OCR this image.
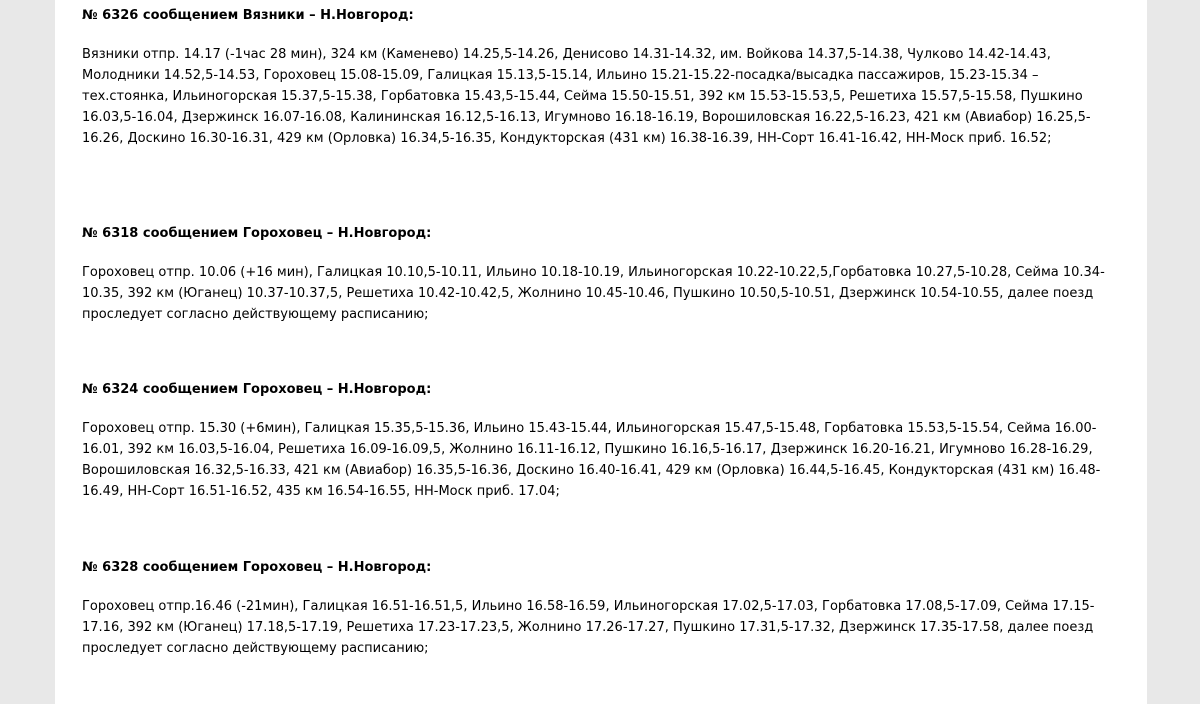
№ 6326 сообщением Вязники – Н.Новгород:

Вязники отпр. 14.17 (-1час 28 мин), 324 км (Каменево) 14.25,5-14.26, Денисово 14.31-14.32, им. Войкова 14.37,5-14.38, Чулково 14.42-14.43, Молодники 14.52,5-14.53, Гороховец 15.08-15.09, Галицкая 15.13,5-15.14, Ильино 15.21-15.22-посадка/высадка пассажиров, 15.23-15.34 – тех.стоянка, Ильиногорская 15.37,5-15.38, Горбатовка 15.43,5-15.44, Сейма 15.50-15.51, 392 км 15.53-15.53,5, Решетиха 15.57,5-15.58, Пушкино 16.03,5-16.04, Дзержинск 16.07-16.08, Калининская 16.12,5-16.13, Игумново 16.18-16.19, Ворошиловская 16.22,5-16.23, 421 км (Авиабор) 16.25,5-16.26, Доскино 16.30-16.31, 429 км (Орловка) 16.34,5-16.35, Кондукторская (431 км) 16.38-16.39, НН-Сорт 16.41-16.42, НН-Моск приб. 16.52;

№ 6318 сообщением Гороховец – Н.Новгород:

Гороховец отпр. 10.06 (+16 мин), Галицкая 10.10,5-10.11, Ильино 10.18-10.19, Ильиногорская 10.22-10.22,5,Горбатовка 10.27,5-10.28, Сейма 10.34-10.35, 392 км (Юганец) 10.37-10.37,5, Решетиха 10.42-10.42,5, Жолнино 10.45-10.46, Пушкино 10.50,5-10.51, Дзержинск 10.54-10.55, далее поезд проследует согласно действующему расписанию;

№ 6324 сообщением Гороховец – Н.Новгород:

Гороховец отпр. 15.30 (+6мин), Галицкая 15.35,5-15.36, Ильино 15.43-15.44, Ильиногорская 15.47,5-15.48, Горбатовка 15.53,5-15.54, Сейма 16.00-16.01, 392 км 16.03,5-16.04, Решетиха 16.09-16.09,5, Жолнино 16.11-16.12, Пушкино 16.16,5-16.17, Дзержинск 16.20-16.21, Игумново 16.28-16.29, Ворошиловская 16.32,5-16.33, 421 км (Авиабор) 16.35,5-16.36, Доскино 16.40-16.41, 429 км (Орловка) 16.44,5-16.45, Кондукторская (431 км) 16.48-16.49, НН-Сорт 16.51-16.52, 435 км 16.54-16.55, НН-Моск приб. 17.04;

№ 6328 сообщением Гороховец – Н.Новгород:

Гороховец отпр.16.46 (-21мин), Галицкая 16.51-16.51,5, Ильино 16.58-16.59, Ильиногорская 17.02,5-17.03, Горбатовка 17.08,5-17.09, Сейма 17.15-17.16, 392 км (Юганец) 17.18,5-17.19, Решетиха 17.23-17.23,5, Жолнино 17.26-17.27, Пушкино 17.31,5-17.32, Дзержинск 17.35-17.58, далее поезд проследует согласно действующему расписанию;
